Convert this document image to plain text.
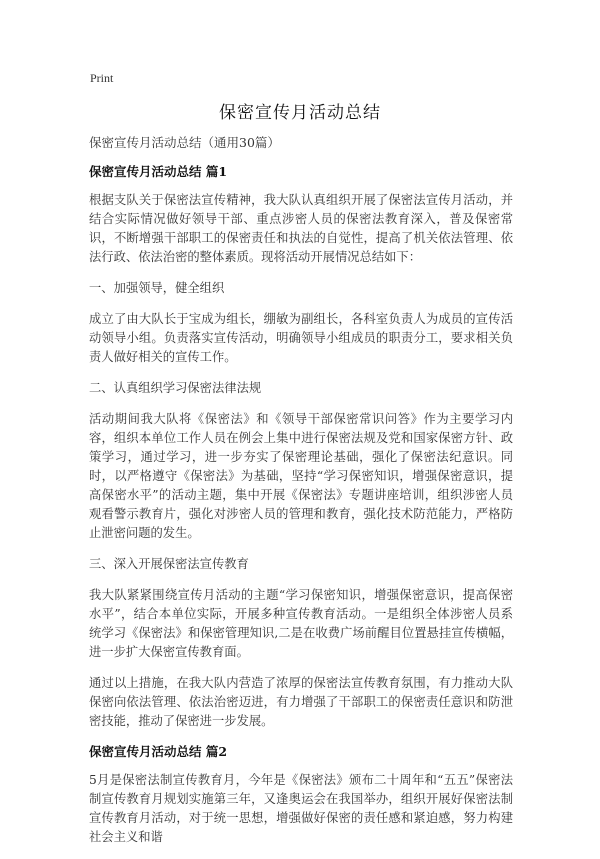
Print
保密宣传月活动总结

保密宣传月活动总结（通用30篇）

保密宣传月活动总结 篇1

根据支队关于保密法宣传精神，我大队认真组织开展了保密法宣传月活动，并结合实际情况做好领导干部、重点涉密人员的保密法教育深入，普及保密常识，不断增强干部职工的保密责任和执法的自觉性，提高了机关依法管理、依法行政、依法治密的整体素质。现将活动开展情况总结如下：

一、加强领导，健全组织

成立了由大队长于宝成为组长，绷敏为副组长，各科室负责人为成员的宣传活动领导小组。负责落实宣传活动，明确领导小组成员的职责分工，要求相关负责人做好相关的宣传工作。

二、认真组织学习保密法律法规

活动期间我大队将《保密法》和《领导干部保密常识问答》作为主要学习内容，组织本单位工作人员在例会上集中进行保密法规及党和国家保密方针、政策学习，通过学习，进一步夯实了保密理论基础，强化了保密法纪意识。同时，以严格遵守《保密法》为基础，坚持“学习保密知识，增强保密意识，提高保密水平”的活动主题，集中开展《保密法》专题讲座培训，组织涉密人员观看警示教育片，强化对涉密人员的管理和教育，强化技术防范能力，严格防止泄密问题的发生。

三、深入开展保密法宣传教育

我大队紧紧围绕宣传月活动的主题“学习保密知识，增强保密意识，提高保密水平”，结合本单位实际，开展多种宣传教育活动。一是组织全体涉密人员系统学习《保密法》和保密管理知识,二是在收费广场前醒目位置悬挂宣传横幅，进一步扩大保密宣传教育面。

通过以上措施，在我大队内营造了浓厚的保密法宣传教育氛围，有力推动大队保密向依法管理、依法治密迈进，有力增强了干部职工的保密责任意识和防泄密技能，推动了保密进一步发展。

保密宣传月活动总结 篇2

5月是保密法制宣传教育月，今年是《保密法》颁布二十周年和“五五”保密法制宣传教育月规划实施第三年，又逢奥运会在我国举办，组织开展好保密法制宣传教育月活动，对于统一思想，增强做好保密的责任感和紧迫感，努力构建社会主义和谐
